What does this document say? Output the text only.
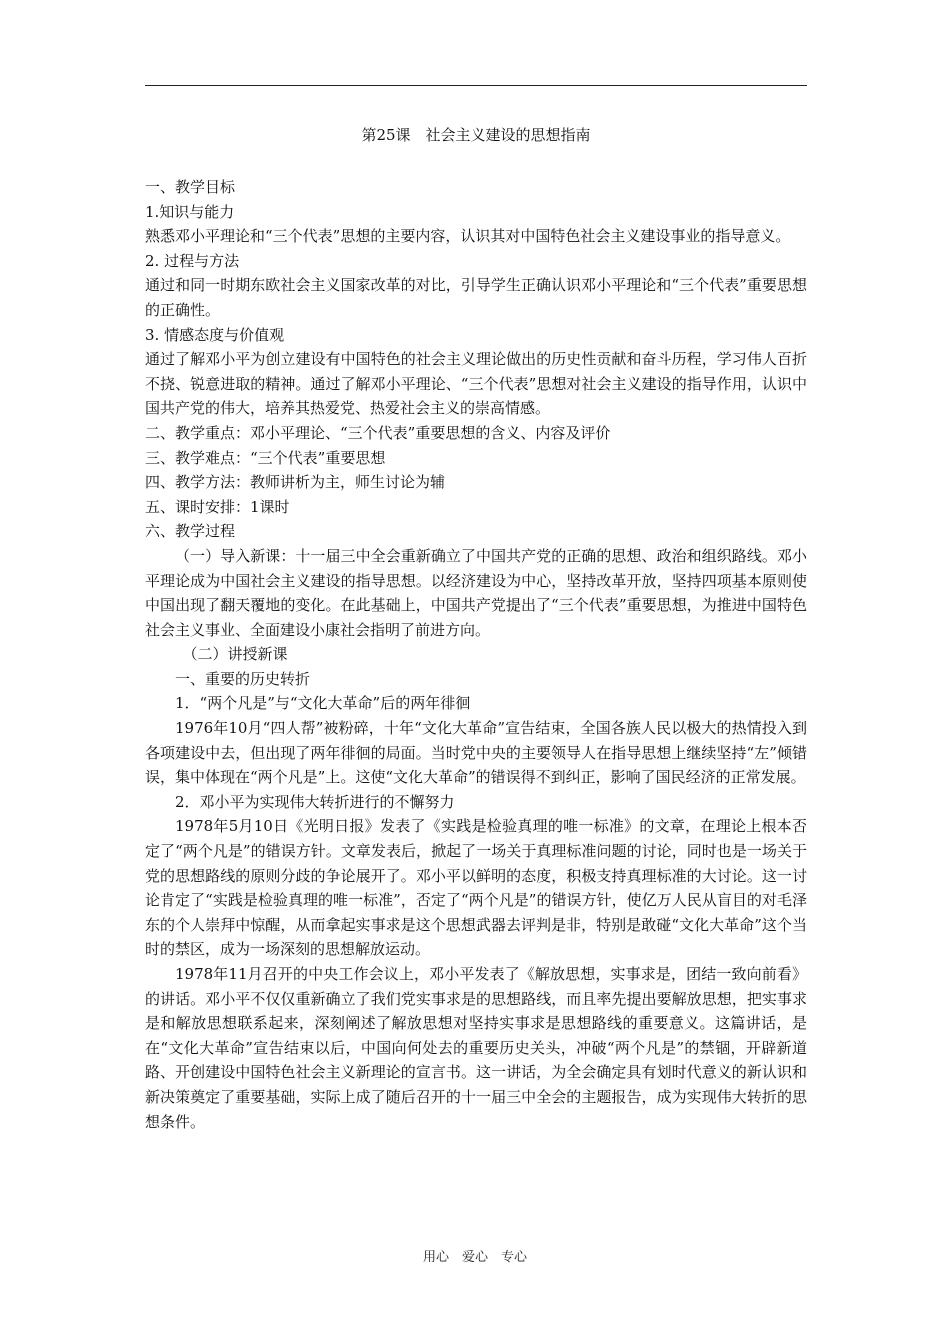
第25课　社会主义建设的思想指南

一、教学目标

1.知识与能力

熟悉邓小平理论和“三个代表”思想的主要内容，认识其对中国特色社会主义建设事业的指导意义。

2. 过程与方法

通过和同一时期东欧社会主义国家改革的对比，引导学生正确认识邓小平理论和“三个代表”重要思想的正确性。

3. 情感态度与价值观

通过了解邓小平为创立建设有中国特色的社会主义理论做出的历史性贡献和奋斗历程，学习伟人百折不挠、锐意进取的精神。通过了解邓小平理论、“三个代表”思想对社会主义建设的指导作用，认识中国共产党的伟大，培养其热爱党、热爱社会主义的崇高情感。

二、教学重点：邓小平理论、“三个代表”重要思想的含义、内容及评价

三、教学难点：“三个代表”重要思想

四、教学方法：教师讲析为主，师生讨论为辅

五、课时安排：1课时

六、教学过程

（一）导入新课：十一届三中全会重新确立了中国共产党的正确的思想、政治和组织路线。邓小平理论成为中国社会主义建设的指导思想。以经济建设为中心，坚持改革开放，坚持四项基本原则使中国出现了翻天覆地的变化。在此基础上，中国共产党提出了“三个代表”重要思想，为推进中国特色社会主义事业、全面建设小康社会指明了前进方向。

（二）讲授新课

一、重要的历史转折

1．“两个凡是”与“文化大革命”后的两年徘徊

1976年10月“四人帮”被粉碎，十年“文化大革命”宣告结束，全国各族人民以极大的热情投入到各项建设中去，但出现了两年徘徊的局面。当时党中央的主要领导人在指导思想上继续坚持“左”倾错误，集中体现在“两个凡是”上。这使“文化大革命”的错误得不到纠正，影响了国民经济的正常发展。

2．邓小平为实现伟大转折进行的不懈努力

1978年5月10日《光明日报》发表了《实践是检验真理的唯一标准》的文章，在理论上根本否定了“两个凡是”的错误方针。文章发表后，掀起了一场关于真理标准问题的讨论，同时也是一场关于党的思想路线的原则分歧的争论展开了。邓小平以鲜明的态度，积极支持真理标准的大讨论。这一讨论肯定了“实践是检验真理的唯一标准”，否定了“两个凡是”的错误方针，使亿万人民从盲目的对毛泽东的个人崇拜中惊醒，从而拿起实事求是这个思想武器去评判是非，特别是敢碰“文化大革命”这个当时的禁区，成为一场深刻的思想解放运动。

1978年11月召开的中央工作会议上，邓小平发表了《解放思想，实事求是，团结一致向前看》的讲话。邓小平不仅仅重新确立了我们党实事求是的思想路线，而且率先提出要解放思想，把实事求是和解放思想联系起来，深刻阐述了解放思想对坚持实事求是思想路线的重要意义。这篇讲话，是在“文化大革命”宣告结束以后，中国向何处去的重要历史关头，冲破“两个凡是”的禁锢，开辟新道路、开创建设中国特色社会主义新理论的宣言书。这一讲话，为全会确定具有划时代意义的新认识和新决策奠定了重要基础，实际上成了随后召开的十一届三中全会的主题报告，成为实现伟大转折的思想条件。

用心　爱心　专心
